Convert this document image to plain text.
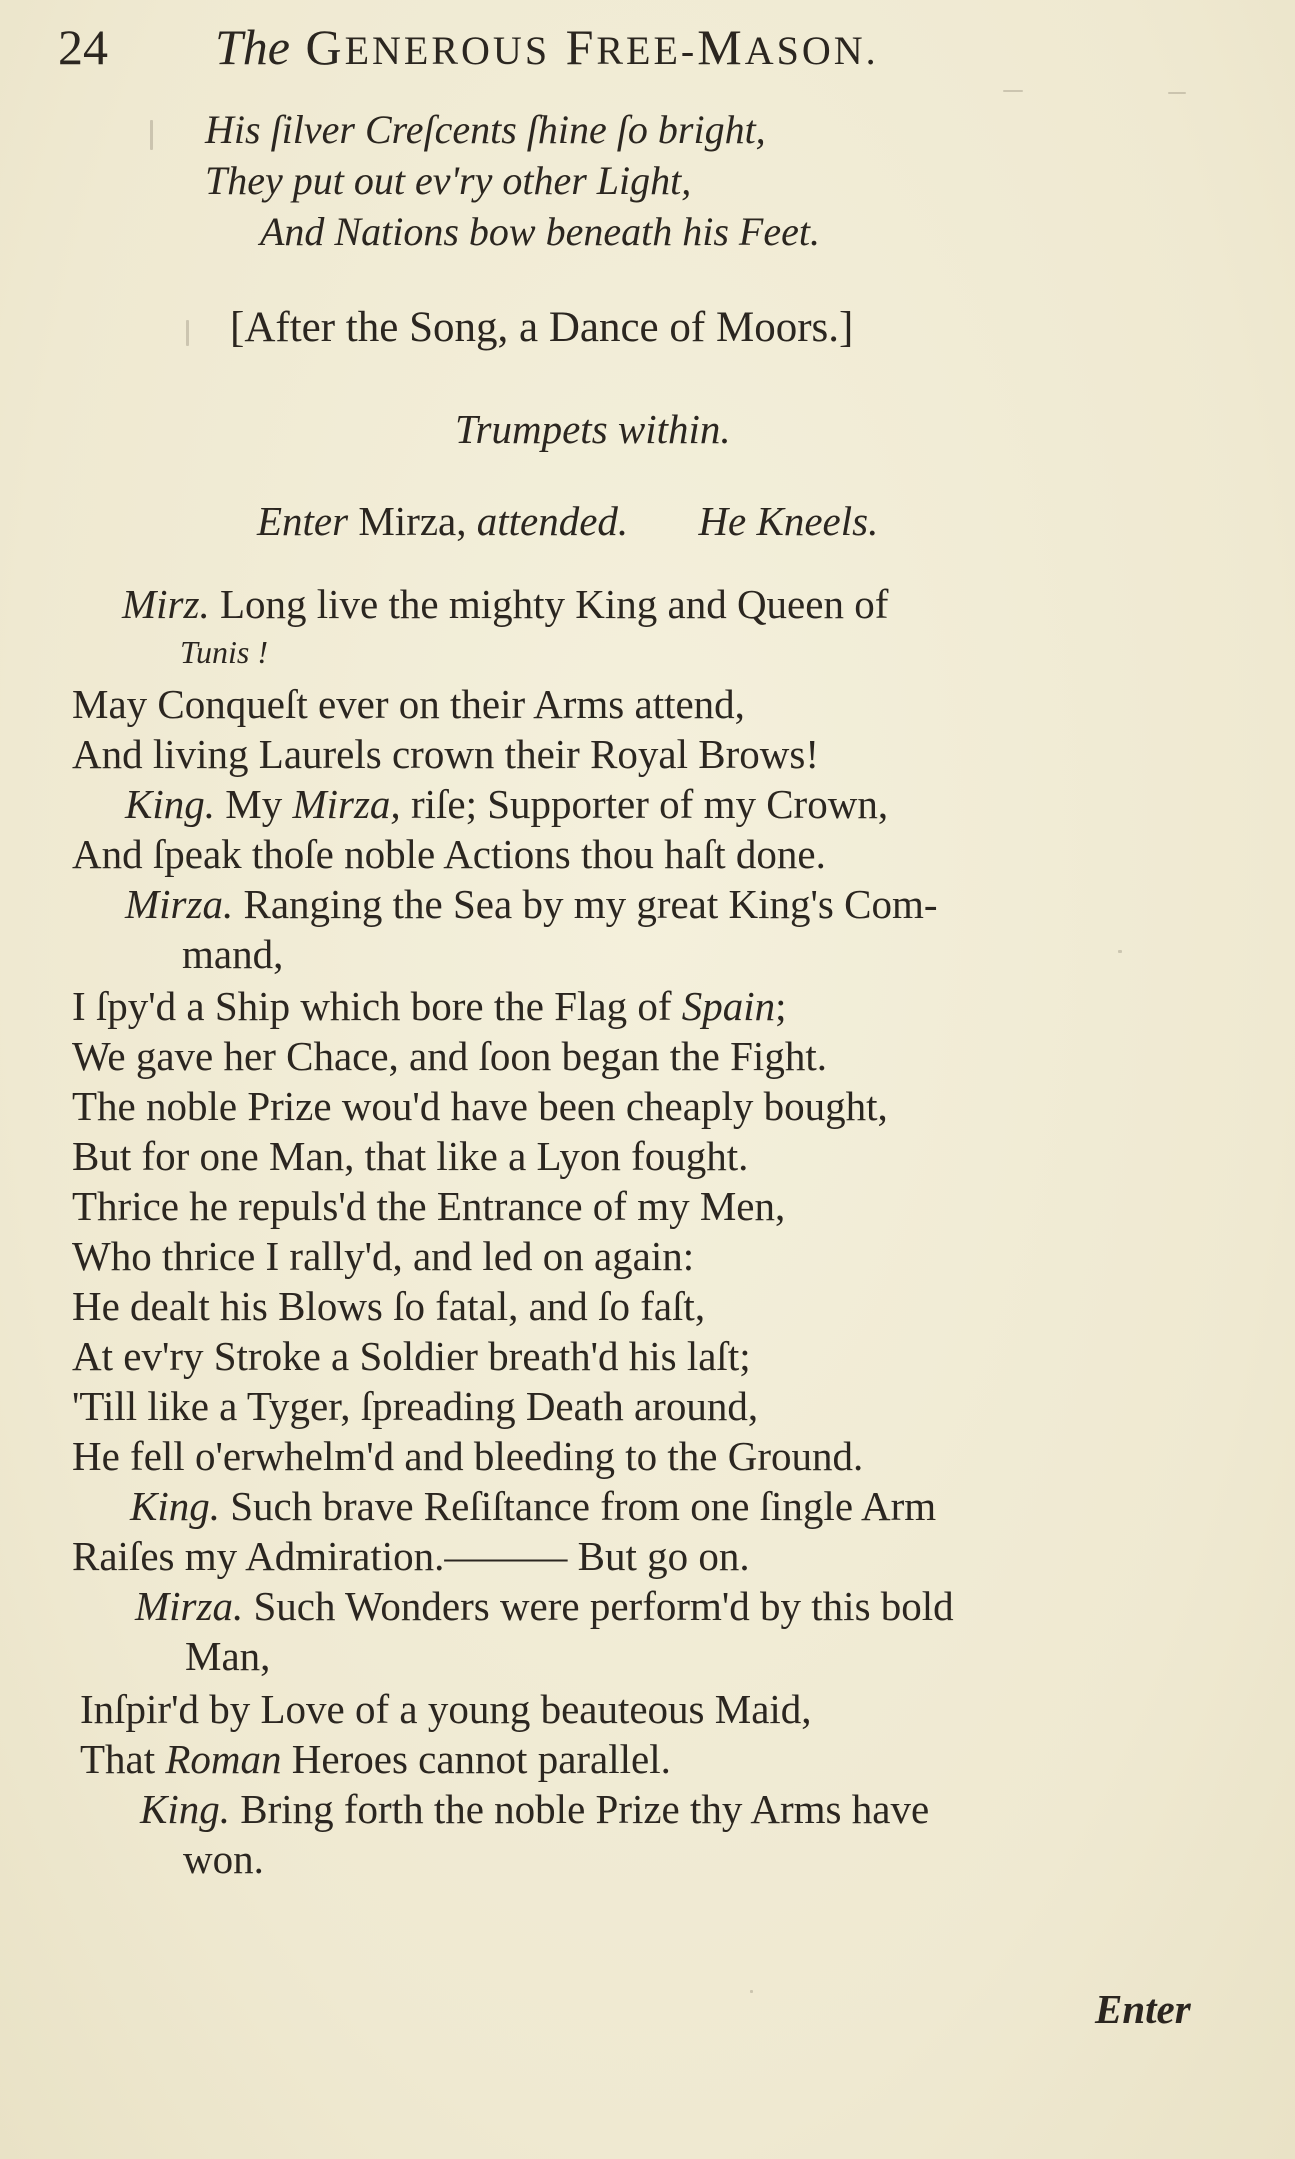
24 The GENEROUS FREE-MASON.
His ſilver Creſcents ſhine ſo bright,
They put out ev'ry other Light,
And Nations bow beneath his Feet.
[After the Song, a Dance of Moors.]
Trumpets within.
Enter Mirza, attended. He Kneels.
Mirz. Long live the mighty King and Queen of
Tunis !
May Conqueſt ever on their Arms attend,
And living Laurels crown their Royal Brows!
King. My Mirza, riſe; Supporter of my Crown,
And ſpeak thoſe noble Actions thou haſt done.
Mirza. Ranging the Sea by my great King's Com-
mand,
I ſpy'd a Ship which bore the Flag of Spain;
We gave her Chace, and ſoon began the Fight.
The noble Prize wou'd have been cheaply bought,
But for one Man, that like a Lyon fought.
Thrice he repuls'd the Entrance of my Men,
Who thrice I rally'd, and led on again:
He dealt his Blows ſo fatal, and ſo faſt,
At ev'ry Stroke a Soldier breath'd his laſt;
'Till like a Tyger, ſpreading Death around,
He fell o'erwhelm'd and bleeding to the Ground.
King. Such brave Reſiſtance from one ſingle Arm
Raiſes my Admiration.——— But go on.
Mirza. Such Wonders were perform'd by this bold
Man,
Inſpir'd by Love of a young beauteous Maid,
That Roman Heroes cannot parallel.
King. Bring forth the noble Prize thy Arms have
won.
Enter
